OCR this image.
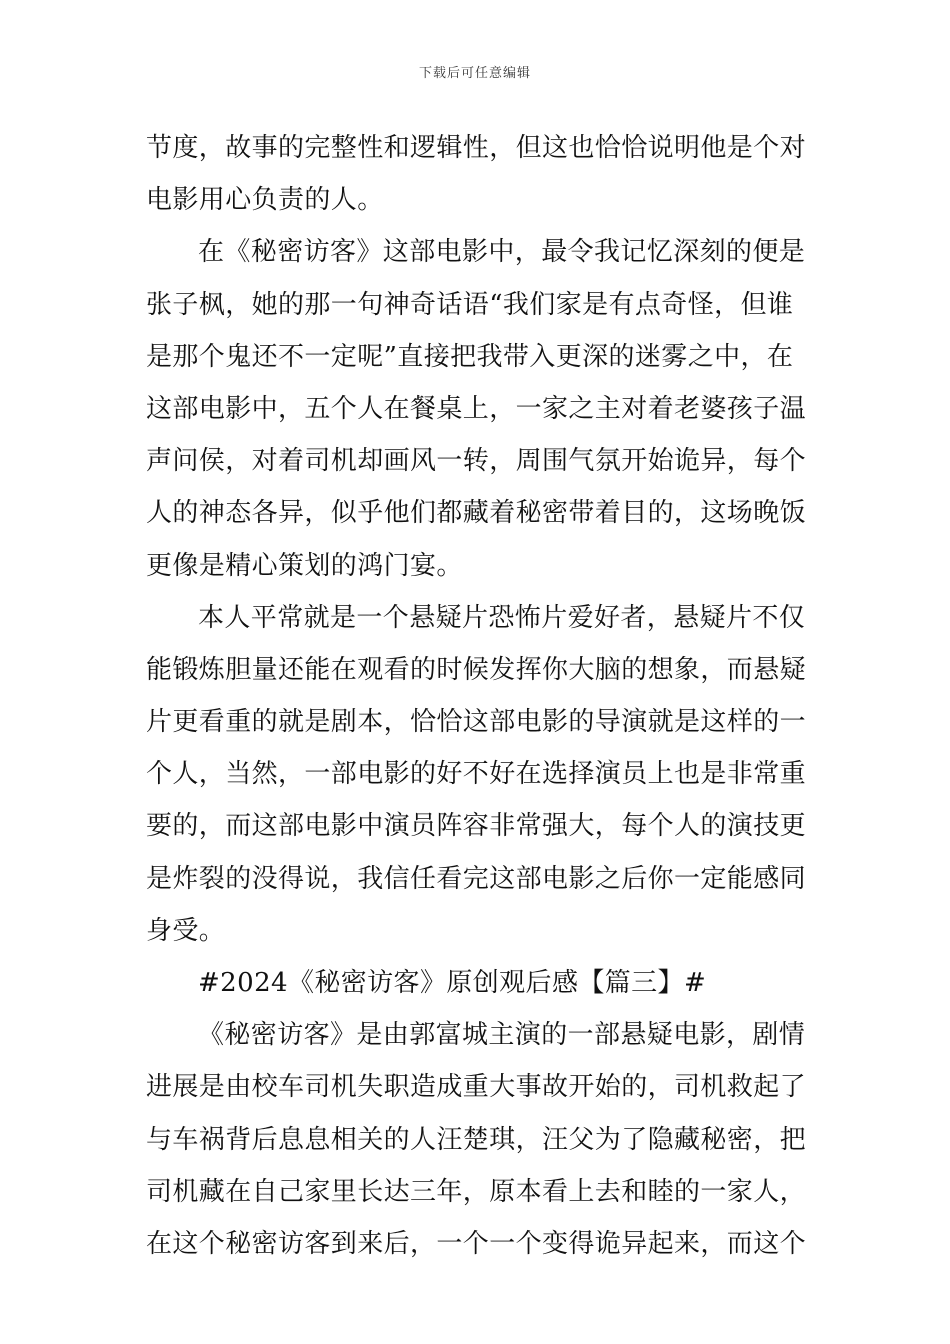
下载后可任意编辑
节度，故事的完整性和逻辑性，但这也恰恰说明他是个对
电影用心负责的人。
在《秘密访客》这部电影中，最令我记忆深刻的便是
张子枫，她的那一句神奇话语“我们家是有点奇怪，但谁
是那个鬼还不一定呢”直接把我带入更深的迷雾之中，在
这部电影中，五个人在餐桌上，一家之主对着老婆孩子温
声问侯，对着司机却画风一转，周围气氛开始诡异，每个
人的神态各异，似乎他们都藏着秘密带着目的，这场晚饭
更像是精心策划的鸿门宴。
本人平常就是一个悬疑片恐怖片爱好者，悬疑片不仅
能锻炼胆量还能在观看的时候发挥你大脑的想象，而悬疑
片更看重的就是剧本，恰恰这部电影的导演就是这样的一
个人，当然，一部电影的好不好在选择演员上也是非常重
要的，而这部电影中演员阵容非常强大，每个人的演技更
是炸裂的没得说，我信任看完这部电影之后你一定能感同
身受。
#2024《秘密访客》原创观后感【篇三】#
《秘密访客》是由郭富城主演的一部悬疑电影，剧情
进展是由校车司机失职造成重大事故开始的，司机救起了
与车祸背后息息相关的人汪楚琪，汪父为了隐藏秘密，把
司机藏在自己家里长达三年，原本看上去和睦的一家人，
在这个秘密访客到来后，一个一个变得诡异起来，而这个
